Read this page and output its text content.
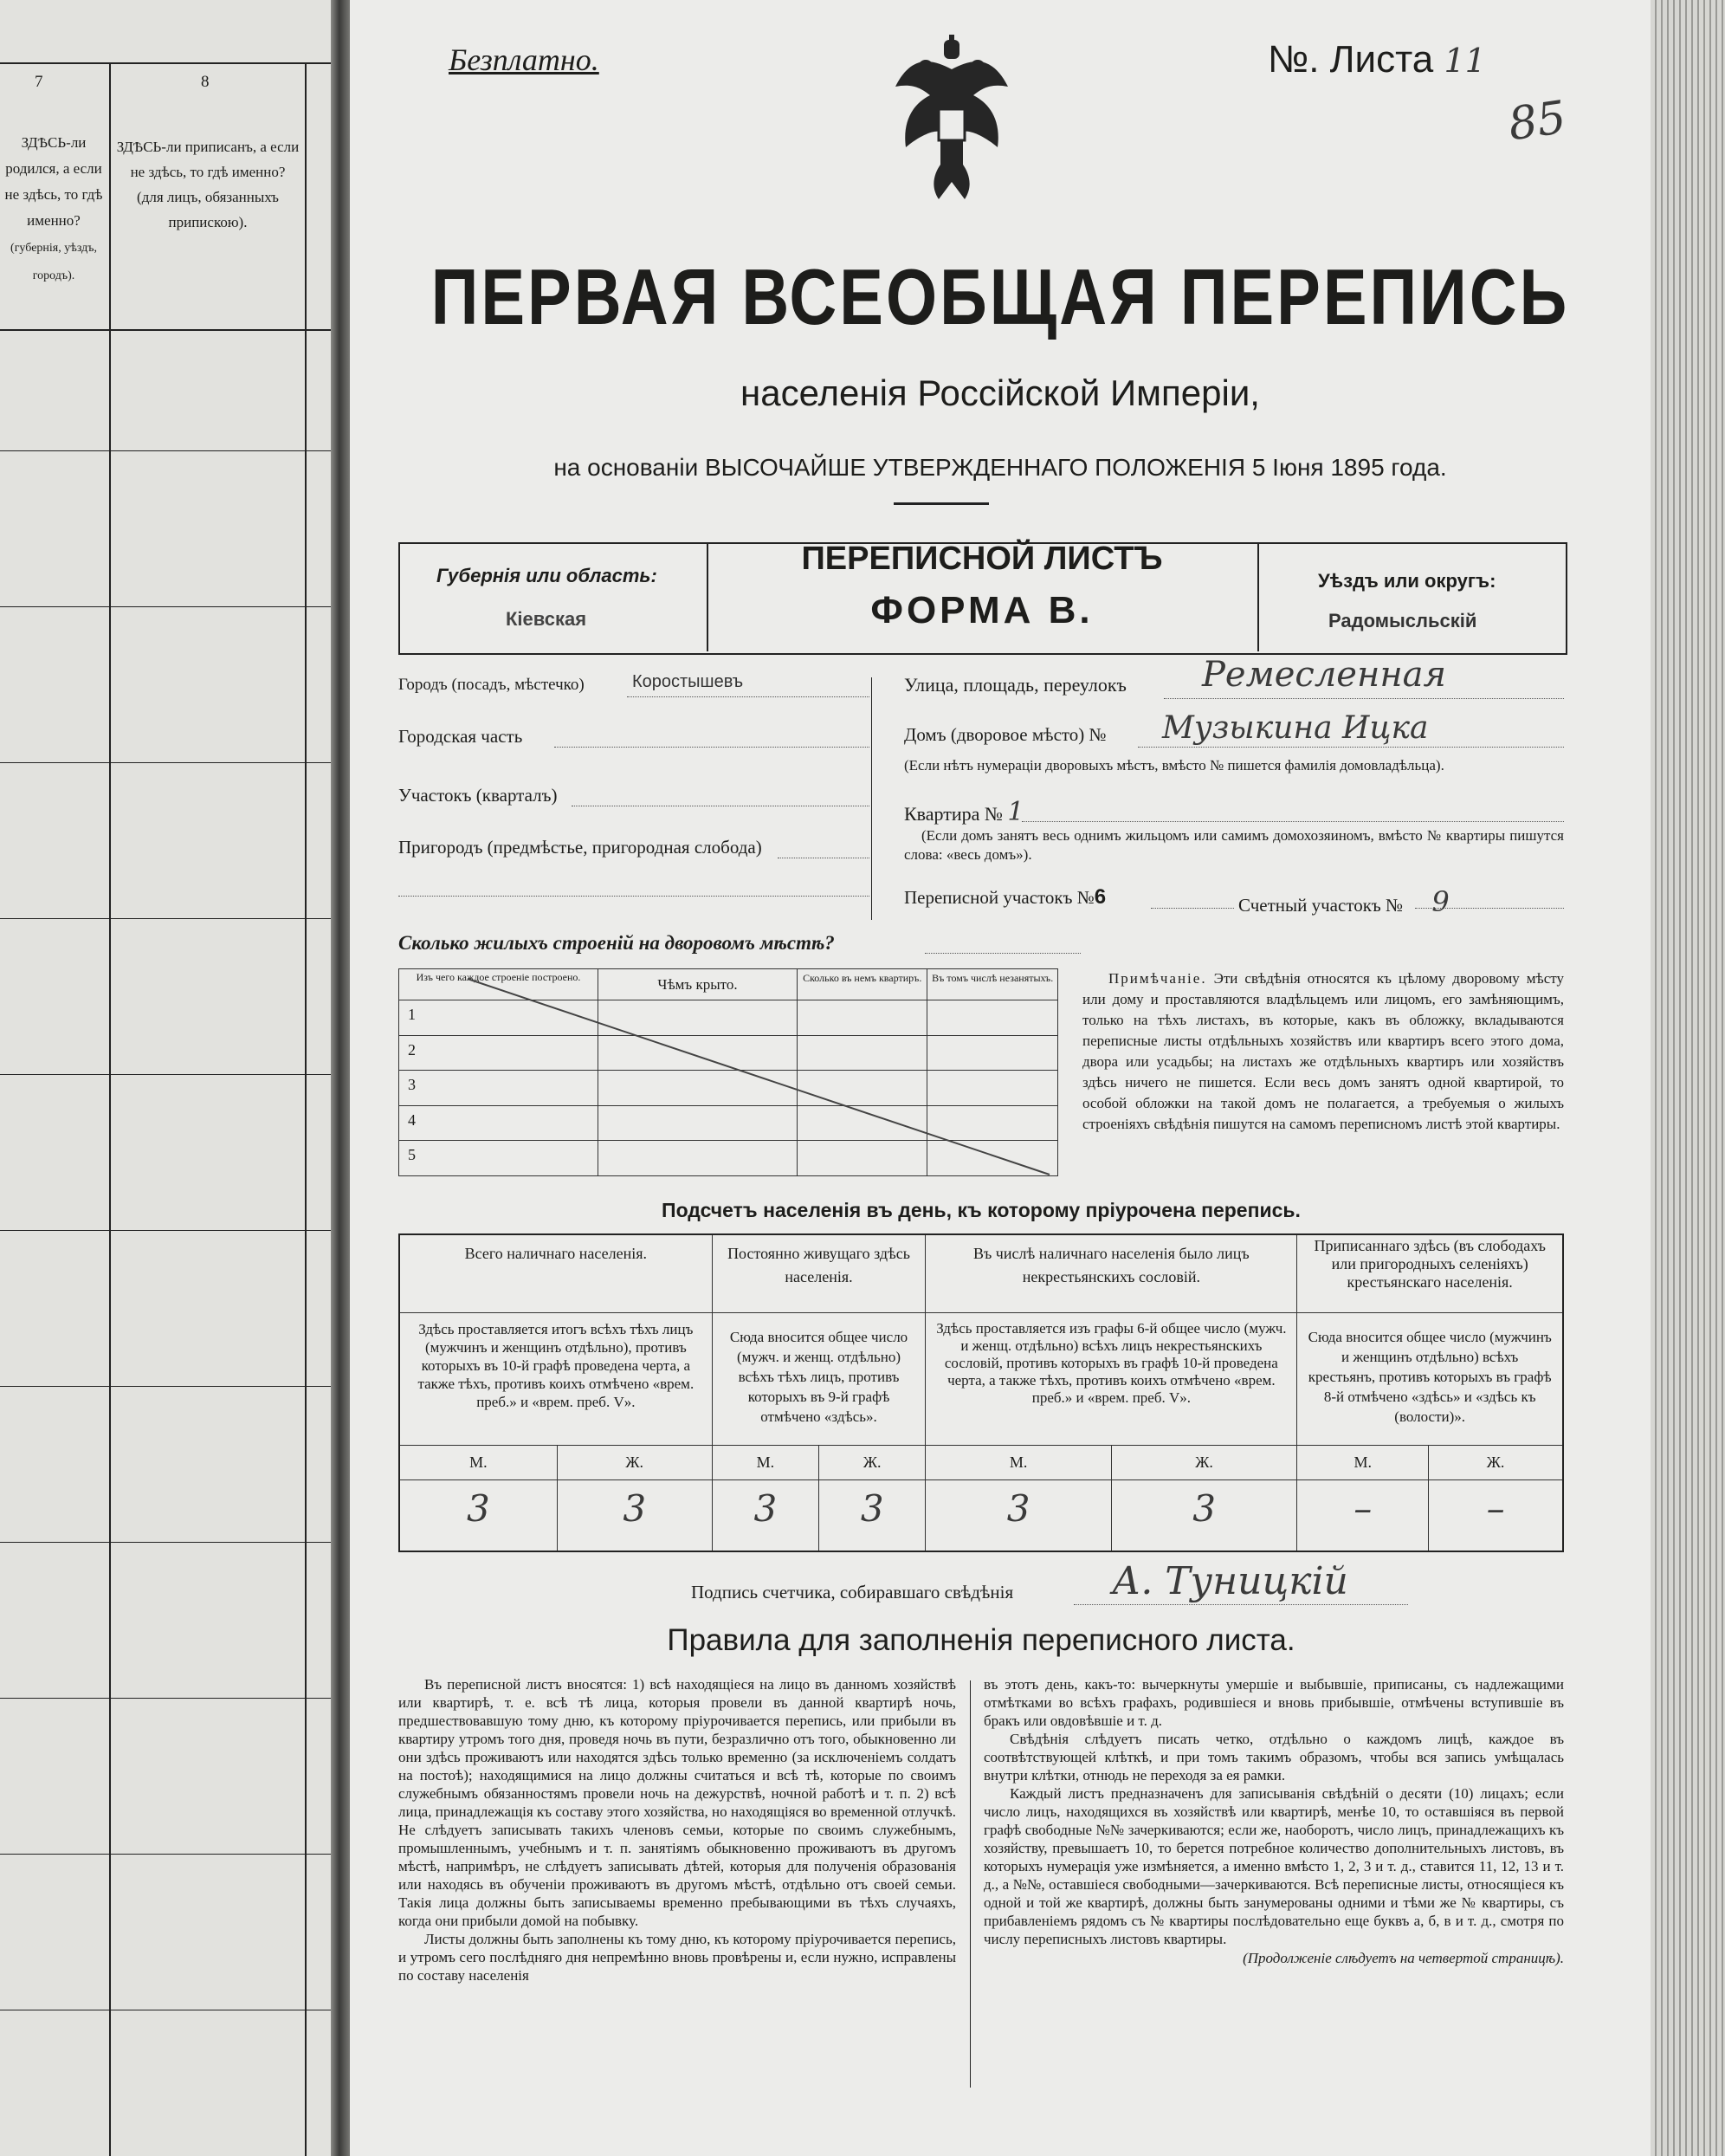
7	8
ЗДѢСЬ-ли родился, а если не здѣсь, то гдѣ именно?
(губернія, уѣздъ, городъ).
ЗДѢСЬ-ли приписанъ, а если не здѣсь, то гдѣ именно?
(для лицъ, обязанныхъ припискою).
Безплатно.	№. Листа 11
85
ПЕРВАЯ ВСЕОБЩАЯ ПЕРЕПИСЬ
населенія Россійской Имперіи,
на основаніи ВЫСОЧАЙШЕ УТВЕРЖДЕННАГО ПОЛОЖЕНІЯ 5 Іюня 1895 года.
Губернія или область:
Кіевская
ПЕРЕПИСНОЙ ЛИСТЪ
ФОРМА В.
Уѣздъ или округъ:
Радомысльскій
Городъ (посадъ, мѣстечко)	Коростышевъ
Городская часть
Участокъ (кварталъ)
Пригородъ (предмѣстье, пригородная слобода)
Улица, площадь, переулокъ Ремесленная
Домъ (дворовое мѣсто) № Музыкина Ицка
(Если нѣтъ нумераціи дворовыхъ мѣстъ, вмѣсто № пишется фамилія домовладѣльца).
Квартира № 1
(Если домъ занятъ весь однимъ жильцомъ или самимъ домохозяиномъ, вмѣсто № квартиры пишутся слова: «весь домъ»).
Переписной участокъ №6	Счетный участокъ № 9
Сколько жилыхъ строеній на дворовомъ мѣстѣ?
Изъ чего каждое строеніе построено.	Чѣмъ крыто.	Сколько въ немъ квартиръ.	Въ томъ числѣ незанятыхъ.

1			

2			

3			

4			

5			

Примѣчаніе. Эти свѣдѣнія относятся къ цѣлому дворовому мѣсту или дому и проставляются владѣльцемъ или лицомъ, его замѣняющимъ, только на тѣхъ листахъ, въ которые, какъ въ обложку, вкладываются переписные листы отдѣльныхъ хозяйствъ или квартиръ всего этого дома, двора или усадьбы; на листахъ же отдѣльныхъ квартиръ или хозяйствъ здѣсь ничего не пишется. Если весь домъ занятъ одной квартирой, то особой обложки на такой домъ не полагается, а требуемыя о жилыхъ строеніяхъ свѣдѣнія пишутся на самомъ переписномъ листѣ этой квартиры.
Подсчетъ населенія въ день, къ которому пріурочена перепись.
Всего наличнаго населенія.		Постоянно живущаго здѣсь населенія.		Въ числѣ наличнаго населенія было лицъ некрестьянскихъ сословій.		Приписаннаго здѣсь (въ слободахъ или пригородныхъ селеніяхъ) крестьянскаго населенія.	

Здѣсь проставляется итогъ всѣхъ тѣхъ лицъ (мужчинъ и женщинъ отдѣльно), противъ которыхъ въ 10-й графѣ проведена черта, а также тѣхъ, противъ коихъ отмѣчено «врем. преб.» и «врем. преб. V».		Сюда вносится общее число (мужч. и женщ. отдѣльно) всѣхъ тѣхъ лицъ, противъ которыхъ въ 9-й графѣ отмѣчено «здѣсь».		Здѣсь проставляется изъ графы 6-й общее число (мужч. и женщ. отдѣльно) всѣхъ лицъ некрестьянскихъ сословій, противъ которыхъ въ графѣ 10-й проведена черта, а также тѣхъ, противъ коихъ отмѣчено «врем. преб.» и «врем. преб. V».		Сюда вносится общее число (мужчинъ и женщинъ отдѣльно) всѣхъ крестьянъ, противъ которыхъ въ графѣ 8-й отмѣчено «здѣсь» и «здѣсь къ (волости)».	

М.	Ж.	М.	Ж.	М.	Ж.	М.	Ж.

3	3	3	3	3	3	–	–
Подпись счетчика, собиравшаго свѣдѣнія	А. Туницкій
Правила для заполненія переписного листа.

Въ переписной листъ вносятся: 1) всѣ находящіеся на лицо въ данномъ хозяйствѣ или квартирѣ, т. е. всѣ тѣ лица, которыя провели въ данной квартирѣ ночь, предшествовавшую тому дню, къ которому пріурочивается перепись, или прибыли въ квартиру утромъ того дня, проведя ночь въ пути, безразлично отъ того, обыкновенно ли они здѣсь проживаютъ или находятся здѣсь только временно (за исключеніемъ солдатъ на постоѣ); находящимися на лицо должны считаться и всѣ тѣ, которые по своимъ служебнымъ обязанностямъ провели ночь на дежурствѣ, ночной работѣ и т. п. 2) всѣ лица, принадлежащія къ составу этого хозяйства, но находящіяся во временной отлучкѣ. Не слѣдуетъ записывать такихъ членовъ семьи, которые по своимъ служебнымъ, промышленнымъ, учебнымъ и т. п. занятіямъ обыкновенно проживаютъ въ другомъ мѣстѣ, напримѣръ, не слѣдуетъ записывать дѣтей, которыя для полученія образованія или находясь въ обученіи проживаютъ въ другомъ мѣстѣ, отдѣльно отъ своей семьи. Такія лица должны быть записываемы временно пребывающими въ тѣхъ случаяхъ, когда они прибыли домой на побывку.

Листы должны быть заполнены къ тому дню, къ которому пріурочивается перепись, и утромъ сего послѣдняго дня непремѣнно вновь провѣрены и, если нужно, исправлены по составу населенія

въ этотъ день, какъ-то: вычеркнуты умершіе и выбывшіе, приписаны, съ надлежащими отмѣтками во всѣхъ графахъ, родившіеся и вновь прибывшіе, отмѣчены вступившіе въ бракъ или овдовѣвшіе и т. д.

Свѣдѣнія слѣдуетъ писать четко, отдѣльно о каждомъ лицѣ, каждое въ соотвѣтствующей клѣткѣ, и при томъ такимъ образомъ, чтобы вся запись умѣщалась внутри клѣтки, отнюдь не переходя за ея рамки.

Каждый листъ предназначенъ для записыванія свѣдѣній о десяти (10) лицахъ; если число лицъ, находящихся въ хозяйствѣ или квартирѣ, менѣе 10, то оставшіяся въ первой графѣ свободные №№ зачеркиваются; если же, наоборотъ, число лицъ, принадлежащихъ къ хозяйству, превышаетъ 10, то берется потребное количество дополнительныхъ листовъ, въ которыхъ нумерація уже измѣняется, а именно вмѣсто 1, 2, 3 и т. д., ставится 11, 12, 13 и т. д., а №№, оставшіеся свободными—зачеркиваются. Всѣ переписные листы, относящіеся къ одной и той же квартирѣ, должны быть занумерованы одними и тѣми же № квартиры, съ прибавленіемъ рядомъ съ № квартиры послѣдовательно еще буквъ а, б, в и т. д., смотря по числу переписныхъ листовъ квартиры.

(Продолженіе слѣдуетъ на четвертой страницѣ).
